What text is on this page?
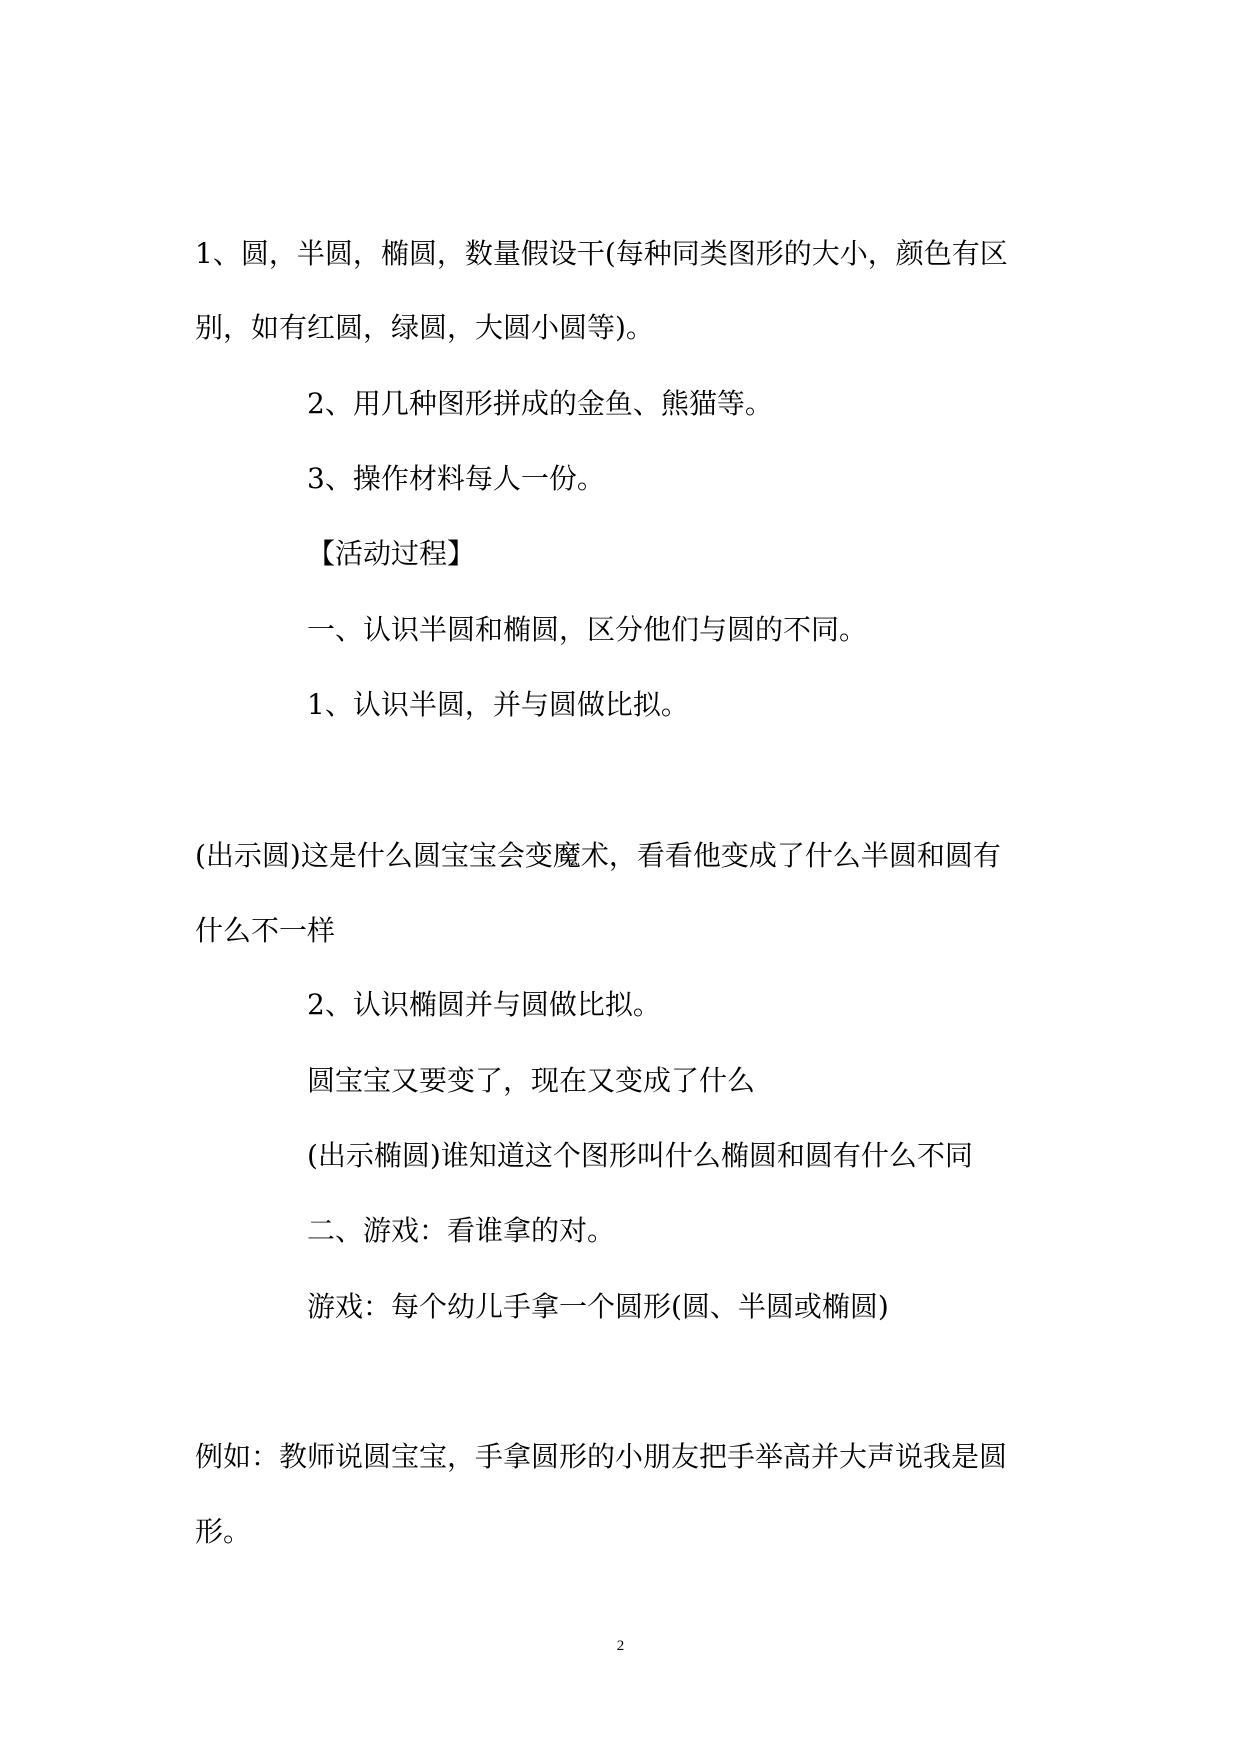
1、圆，半圆，椭圆，数量假设干(每种同类图形的大小，颜色有区
别，如有红圆，绿圆，大圆小圆等)。
2、用几种图形拼成的金鱼、熊猫等。
3、操作材料每人一份。
【活动过程】
一、认识半圆和椭圆，区分他们与圆的不同。
1、认识半圆，并与圆做比拟。
(出示圆)这是什么圆宝宝会变魔术，看看他变成了什么半圆和圆有
什么不一样
2、认识椭圆并与圆做比拟。
圆宝宝又要变了，现在又变成了什么
(出示椭圆)谁知道这个图形叫什么椭圆和圆有什么不同
二、游戏：看谁拿的对。
游戏：每个幼儿手拿一个圆形(圆、半圆或椭圆)
例如：教师说圆宝宝，手拿圆形的小朋友把手举高并大声说我是圆
形。
2
